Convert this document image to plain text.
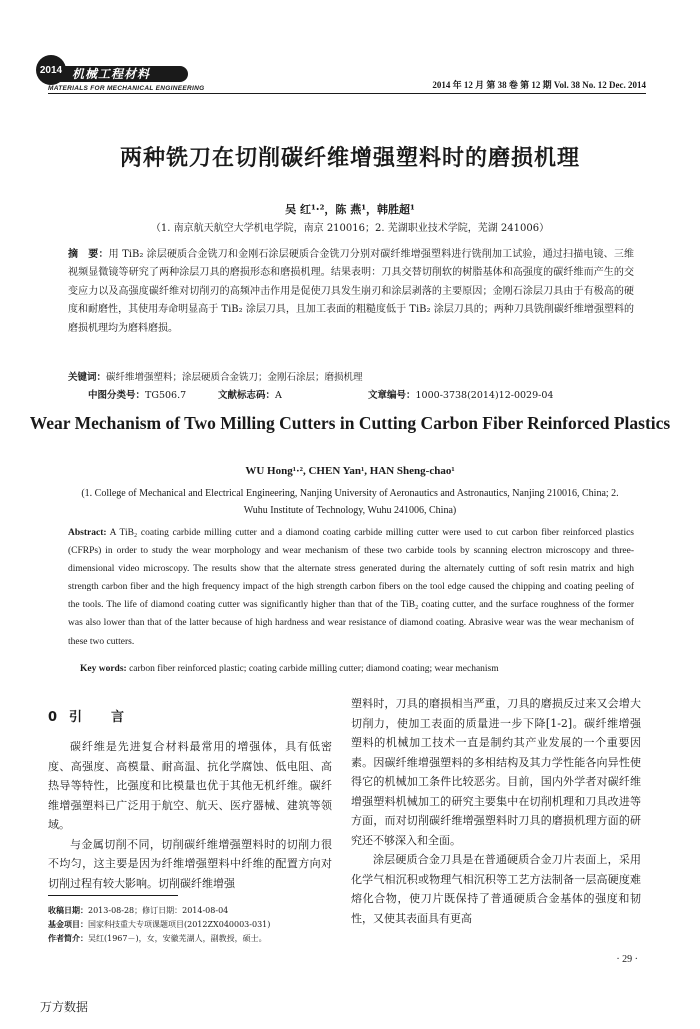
2014 机械工程材料
MATERIALS FOR MECHANICAL ENGINEERING	2014 年 12 月 第 38 卷 第 12 期 Vol. 38 No. 12 Dec. 2014
两种铣刀在切削碳纤维增强塑料时的磨损机理
吴 红¹·²，陈 燕¹，韩胜超¹
（1. 南京航天航空大学机电学院，南京 210016；2. 芜湖职业技术学院，芜湖 241006）
摘　要：用 TiB₂ 涂层硬质合金铣刀和金刚石涂层硬质合金铣刀分别对碳纤维增强塑料进行铣削加工试验，通过扫描电镜、三维视频显微镜等研究了两种涂层刀具的磨损形态和磨损机理。结果表明：刀具交替切削软的树脂基体和高强度的碳纤维而产生的交变应力以及高强度碳纤维对切削刃的高频冲击作用是促使刀具发生崩刃和涂层剥落的主要原因；金刚石涂层刀具由于有极高的硬度和耐磨性，其使用寿命明显高于 TiB₂ 涂层刀具，且加工表面的粗糙度低于 TiB₂ 涂层刀具的；两种刀具铣削碳纤维增强塑料的磨损机理均为磨料磨损。
关键词：碳纤维增强塑料；涂层硬质合金铣刀；金刚石涂层；磨损机理
中图分类号：TG506.7	文献标志码：A	文章编号：1000-3738(2014)12-0029-04
Wear Mechanism of Two Milling Cutters in Cutting Carbon Fiber Reinforced Plastics
WU Hong¹·², CHEN Yan¹, HAN Sheng-chao¹
(1. College of Mechanical and Electrical Engineering, Nanjing University of Aeronautics and Astronautics, Nanjing 210016, China; 2. Wuhu Institute of Technology, Wuhu 241006, China)
Abstract: A TiB₂ coating carbide milling cutter and a diamond coating carbide milling cutter were used to cut carbon fiber reinforced plastics (CFRPs) in order to study the wear morphology and wear mechanism of these two carbide tools by scanning electron microscopy and three-dimensional video microscopy. The results show that the alternate stress generated during the alternately cutting of soft resin matrix and high strength carbon fiber and the high frequency impact of the high strength carbon fibers on the tool edge caused the chipping and coating peeling of the tools. The life of diamond coating cutter was significantly higher than that of the TiB₂ coating cutter, and the surface roughness of the former was also lower than that of the latter because of high hardness and wear resistance of diamond coating. Abrasive wear was the wear mechanism of these two cutters.
Key words: carbon fiber reinforced plastic; coating carbide milling cutter; diamond coating; wear mechanism
0 引　言

碳纤维是先进复合材料最常用的增强体，具有低密度、高强度、高模量、耐高温、抗化学腐蚀、低电阻、高热导等特性，比强度和比模量也优于其他无机纤维。碳纤维增强塑料已广泛用于航空、航天、医疗器械、建筑等领域。

与金属切削不同，切削碳纤维增强塑料时的切削力很不均匀，这主要是因为纤维增强塑料中纤维的配置方向对切削过程有较大影响。切削碳纤维增强

塑料时，刀具的磨损相当严重，刀具的磨损反过来又会增大切削力，使加工表面的质量进一步下降[1-2]。碳纤维增强塑料的机械加工技术一直是制约其产业发展的一个重要因素。因碳纤维增强塑料的多相结构及其力学性能各向异性使得它的机械加工条件比较恶劣。目前，国内外学者对碳纤维增强塑料机械加工的研究主要集中在切削机理和刀具改进等方面，而对切削碳纤维增强塑料时刀具的磨损机理方面的研究还不够深入和全面。

涂层硬质合金刀具是在普通硬质合金刀片表面上，采用化学气相沉积或物理气相沉积等工艺方法制备一层高硬度难熔化合物，使刀片既保持了普通硬质合金基体的强度和韧性，又使其表面具有更高

收稿日期：2013-08-28；修订日期：2014-08-04
基金项目：国家科技重大专项课题项目(2012ZX040003-031)
作者简介：吴红(1967－)，女，安徽芜湖人，副教授，硕士。
· 29 ·
万方数据
